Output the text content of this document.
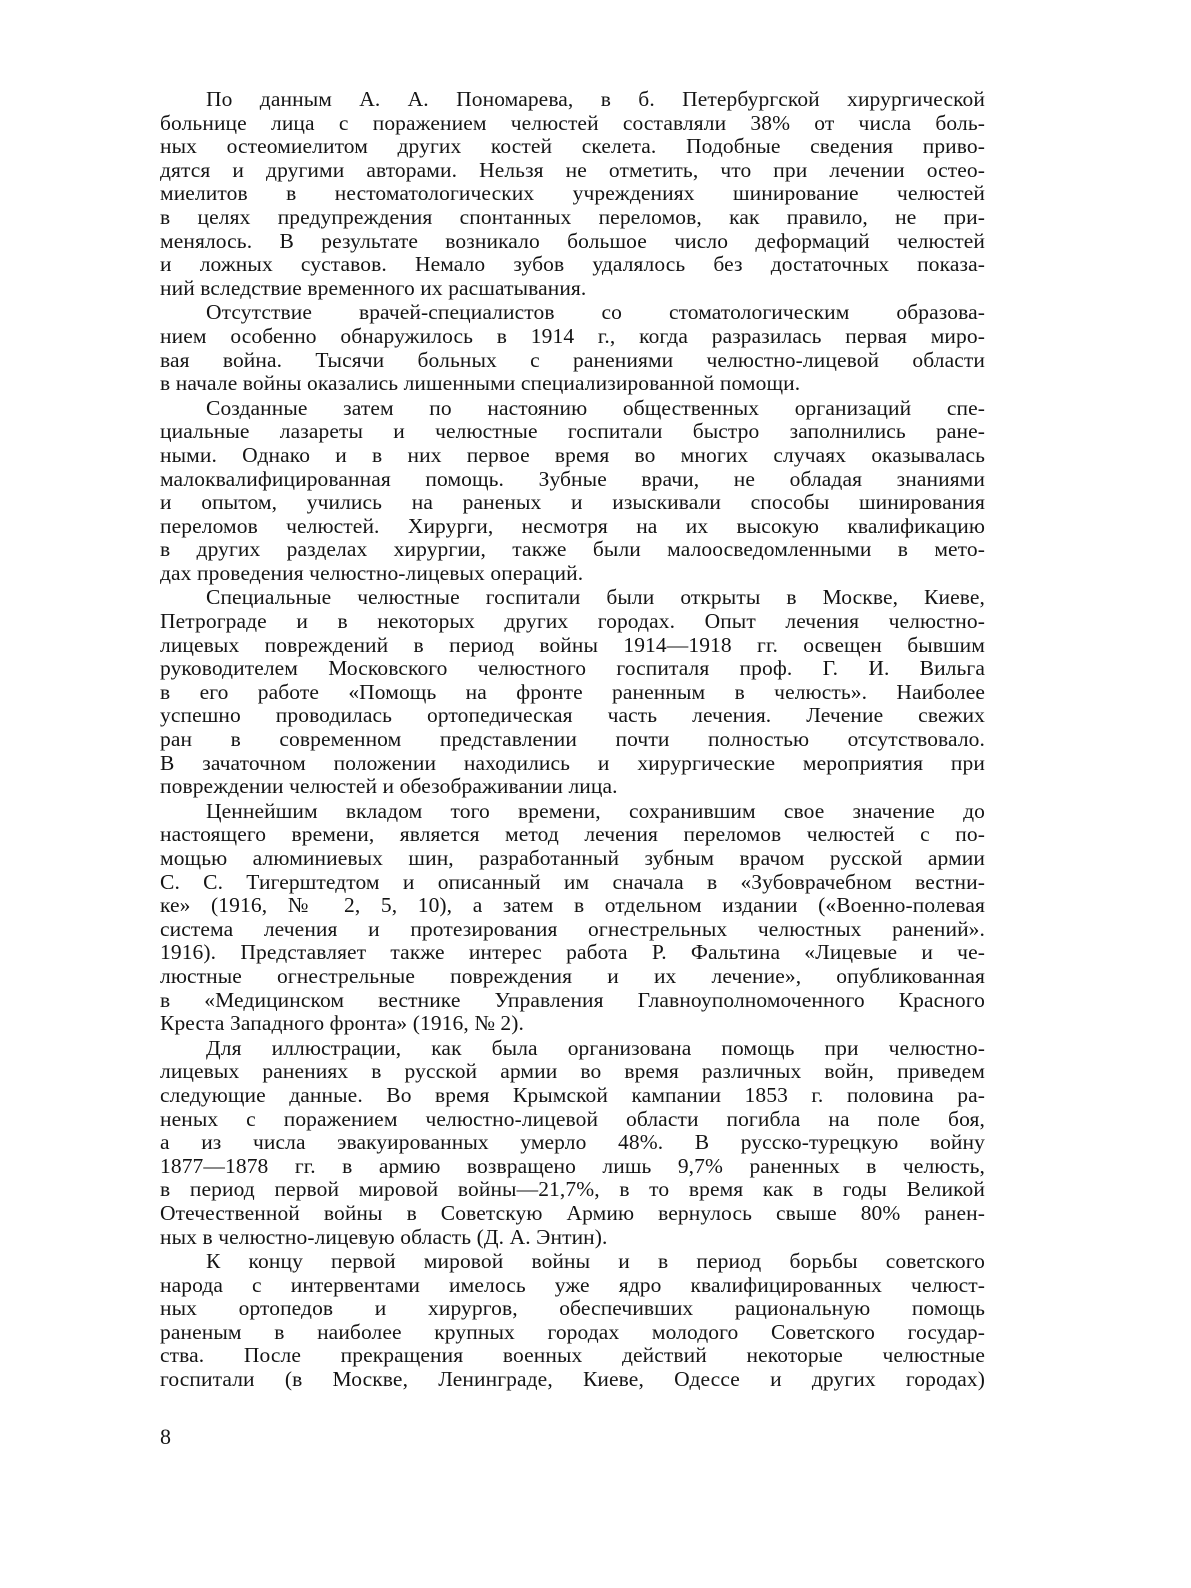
По данным А. А. Пономарева, в б. Петербургской хирургической
больнице лица с поражением челюстей составляли 38% от числа боль-
ных остеомиелитом других костей скелета. Подобные сведения приво-
дятся и другими авторами. Нельзя не отметить, что при лечении остео-
миелитов в нестоматологических учреждениях шинирование челюстей
в целях предупреждения спонтанных переломов, как правило, не при-
менялось. В результате возникало большое число деформаций челюстей
и ложных суставов. Немало зубов удалялось без достаточных показа-
ний вследствие временного их расшатывания.
Отсутствие врачей-специалистов со стоматологическим образова-
нием особенно обнаружилось в 1914 г., когда разразилась первая миро-
вая война. Тысячи больных с ранениями челюстно-лицевой области
в начале войны оказались лишенными специализированной помощи.
Созданные затем по настоянию общественных организаций спе-
циальные лазареты и челюстные госпитали быстро заполнились ране-
ными. Однако и в них первое время во многих случаях оказывалась
малоквалифицированная помощь. Зубные врачи, не обладая знаниями
и опытом, учились на раненых и изыскивали способы шинирования
переломов челюстей. Хирурги, несмотря на их высокую квалификацию
в других разделах хирургии, также были малоосведомленными в мето-
дах проведения челюстно-лицевых операций.
Специальные челюстные госпитали были открыты в Москве, Киеве,
Петрограде и в некоторых других городах. Опыт лечения челюстно-
лицевых повреждений в период войны 1914—1918 гг. освещен бывшим
руководителем Московского челюстного госпиталя проф. Г. И. Вильга
в его работе «Помощь на фронте раненным в челюсть». Наиболее
успешно проводилась ортопедическая часть лечения. Лечение свежих
ран в современном представлении почти полностью отсутствовало.
В зачаточном положении находились и хирургические мероприятия при
повреждении челюстей и обезображивании лица.
Ценнейшим вкладом того времени, сохранившим свое значение до
настоящего времени, является метод лечения переломов челюстей с по-
мощью алюминиевых шин, разработанный зубным врачом русской армии
С. С. Тигерштедтом и описанный им сначала в «Зубоврачебном вестни-
ке» (1916, № 2, 5, 10), а затем в отдельном издании («Военно-полевая
система лечения и протезирования огнестрельных челюстных ранений».
1916). Представляет также интерес работа Р. Фальтина «Лицевые и че-
люстные огнестрельные повреждения и их лечение», опубликованная
в «Медицинском вестнике Управления Главноуполномоченного Красного
Креста Западного фронта» (1916, № 2).
Для иллюстрации, как была организована помощь при челюстно-
лицевых ранениях в русской армии во время различных войн, приведем
следующие данные. Во время Крымской кампании 1853 г. половина ра-
неных с поражением челюстно-лицевой области погибла на поле боя,
а из числа эвакуированных умерло 48%. В русско-турецкую войну
1877—1878 гг. в армию возвращено лишь 9,7% раненных в челюсть,
в период первой мировой войны—21,7%, в то время как в годы Великой
Отечественной войны в Советскую Армию вернулось свыше 80% ранен-
ных в челюстно-лицевую область (Д. А. Энтин).
К концу первой мировой войны и в период борьбы советского
народа с интервентами имелось уже ядро квалифицированных челюст-
ных ортопедов и хирургов, обеспечивших рациональную помощь
раненым в наиболее крупных городах молодого Советского государ-
ства. После прекращения военных действий некоторые челюстные
госпитали (в Москве, Ленинграде, Киеве, Одессе и других городах)
8
